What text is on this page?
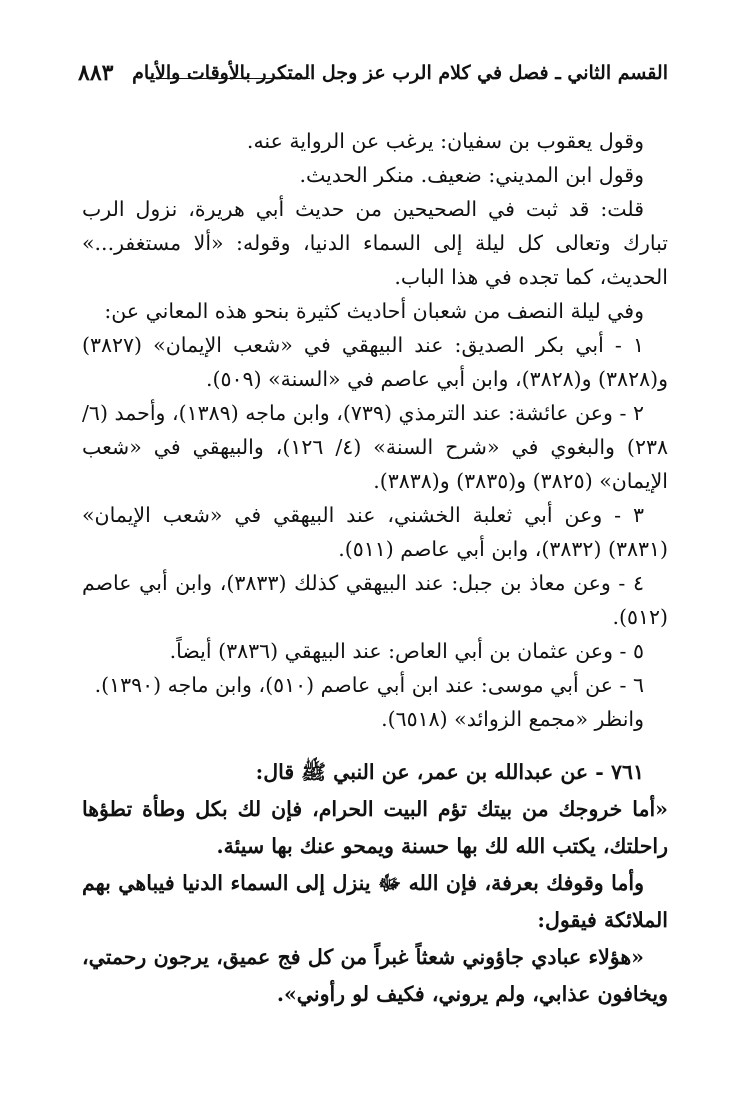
القسم الثاني ـ فصل في كلام الرب عز وجل المتكرر بالأوقات والأيام
٨٨٣

وقول يعقوب بن سفيان: يرغب عن الرواية عنه.

وقول ابن المديني: ضعيف. منكر الحديث.

قلت: قد ثبت في الصحيحين من حديث أبي هريرة، نزول الرب تبارك وتعالى كل ليلة إلى السماء الدنيا، وقوله: «ألا مستغفر...» الحديث، كما تجده في هذا الباب.

وفي ليلة النصف من شعبان أحاديث كثيرة بنحو هذه المعاني عن:

١ - أبي بكر الصديق: عند البيهقي في «شعب الإيمان» (٣٨٢٧) و(٣٨٢٨) و(٣٨٢٨)، وابن أبي عاصم في «السنة» (٥٠٩).

٢ - وعن عائشة: عند الترمذي (٧٣٩)، وابن ماجه (١٣٨٩)، وأحمد (٦/ ٢٣٨) والبغوي في «شرح السنة» (٤/ ١٢٦)، والبيهقي في «شعب الإيمان» (٣٨٢٥) و(٣٨٣٥) و(٣٨٣٨).

٣ - وعن أبي ثعلبة الخشني، عند البيهقي في «شعب الإيمان» (٣٨٣١) (٣٨٣٢)، وابن أبي عاصم (٥١١).

٤ - وعن معاذ بن جبل: عند البيهقي كذلك (٣٨٣٣)، وابن أبي عاصم (٥١٢).

٥ - وعن عثمان بن أبي العاص: عند البيهقي (٣٨٣٦) أيضاً.

٦ - عن أبي موسى: عند ابن أبي عاصم (٥١٠)، وابن ماجه (١٣٩٠).

وانظر «مجمع الزوائد» (٦٥١٨).

٧٦١ - عن عبدالله بن عمر، عن النبي ﷺ قال:

«أما خروجك من بيتك تؤم البيت الحرام، فإن لك بكل وطأة تطؤها راحلتك، يكتب الله لك بها حسنة ويمحو عنك بها سيئة.

وأما وقوفك بعرفة، فإن الله ﷻ ينزل إلى السماء الدنيا فيباهي بهم الملائكة فيقول:

«هؤلاء عبادي جاؤوني شعثاً غبراً من كل فج عميق، يرجون رحمتي، ويخافون عذابي، ولم يروني، فكيف لو رأوني».
